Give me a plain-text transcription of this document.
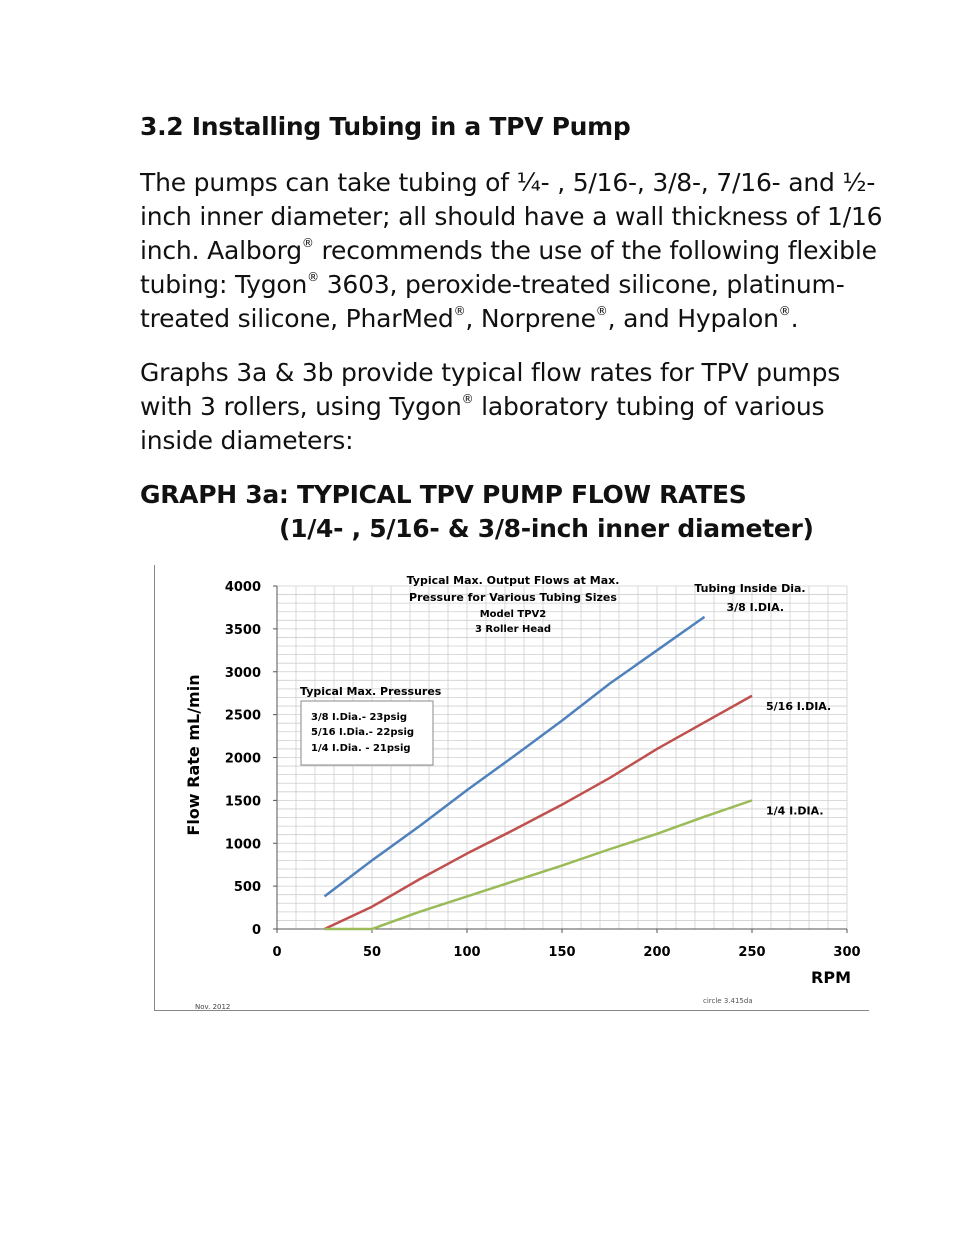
3.2 Installing Tubing in a TPV Pump
The pumps can take tubing of ¼- , 5/16-, 3/8-, 7/16- and ½- inch inner diameter; all should have a wall thickness of 1/16 inch. Aalborg® recommends the use of the following flexible tubing: Tygon® 3603, peroxide-treated silicone, platinum-treated silicone, PharMed®, Norprene®, and Hypalon®.
Graphs 3a & 3b provide typical flow rates for TPV pumps with 3 rollers, using Tygon® laboratory tubing of various inside diameters:
GRAPH 3a: TYPICAL TPV PUMP FLOW RATES
(1/4- , 5/16- & 3/8-inch inner diameter)
0
500
1000
1500
2000
2500
3000
3500
4000
0	50	100	150	200	250	300
3/8 I.DIA.
5/16 I.DIA.
1/4 I.DIA.
Flow Rate mL/min
RPM
Typical Max. Output Flows at Max.
Pressure for Various Tubing Sizes
Model TPV2
3 Roller Head
Tubing Inside Dia.
Typical Max. Pressures
3/8 I.Dia.- 23psig
5/16 I.Dia.- 22psig
1/4 I.Dia. - 21psig
Nov. 2012
circle 3.415da
